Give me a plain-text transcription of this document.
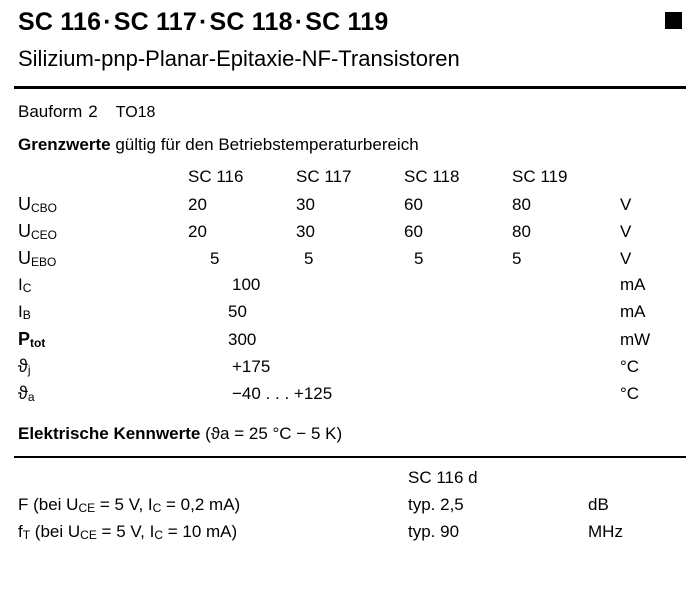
SC 116·SC 117·SC 118·SC 119
Silizium-pnp-Planar-Epitaxie-NF-Transistoren
Bauform 2 TO18
Grenzwerte gültig für den Betriebstemperaturbereich
	SC 116	SC 117	SC 118	SC 119	
UCBO	20	30	60	80	V
UCEO	20	30	60	80	V
UEBO	5	5	5	5	V
IC	100				mA
IB	50				mA
Ptot	300				mW
ϑj	+175				°C
ϑa	−40 . . . +125				°C
Elektrische Kennwerte (ϑa = 25 °C − 5 K)
	SC 116 d	
F (bei UCE = 5 V, IC = 0,2 mA)	typ. 2,5	dB
fT (bei UCE = 5 V, IC = 10 mA)	typ. 90	MHz
